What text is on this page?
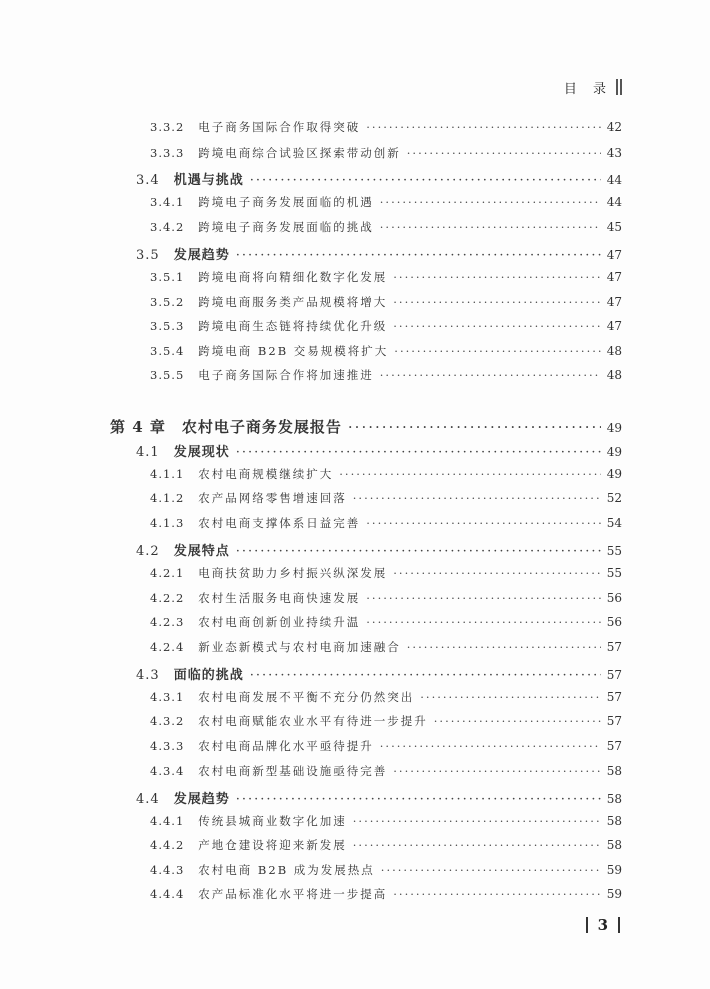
目 录
3.3.2 电子商务国际合作取得突破 ·····	42
3.3.3 跨境电商综合试验区探索带动创新 ·····	43
3.4 机遇与挑战 ·····	44
3.4.1 跨境电子商务发展面临的机遇 ·····	44
3.4.2 跨境电子商务发展面临的挑战 ·····	45
3.5 发展趋势 ·····	47
3.5.1 跨境电商将向精细化数字化发展 ·····	47
3.5.2 跨境电商服务类产品规模将增大 ·····	47
3.5.3 跨境电商生态链将持续优化升级 ·····	47
3.5.4 跨境电商 B2B 交易规模将扩大 ·····	48
3.5.5 电子商务国际合作将加速推进 ·····	48
第 4 章 农村电子商务发展报告 ·····	49
4.1 发展现状 ·····	49
4.1.1 农村电商规模继续扩大 ·····	49
4.1.2 农产品网络零售增速回落 ·····	52
4.1.3 农村电商支撑体系日益完善 ·····	54
4.2 发展特点 ·····	55
4.2.1 电商扶贫助力乡村振兴纵深发展 ·····	55
4.2.2 农村生活服务电商快速发展 ·····	56
4.2.3 农村电商创新创业持续升温 ·····	56
4.2.4 新业态新模式与农村电商加速融合 ·····	57
4.3 面临的挑战 ·····	57
4.3.1 农村电商发展不平衡不充分仍然突出 ·····	57
4.3.2 农村电商赋能农业水平有待进一步提升 ·····	57
4.3.3 农村电商品牌化水平亟待提升 ·····	57
4.3.4 农村电商新型基础设施亟待完善 ·····	58
4.4 发展趋势 ·····	58
4.4.1 传统县城商业数字化加速 ·····	58
4.4.2 产地仓建设将迎来新发展 ·····	58
4.4.3 农村电商 B2B 成为发展热点 ·····	59
4.4.4 农产品标准化水平将进一步提高 ·····	59
3
